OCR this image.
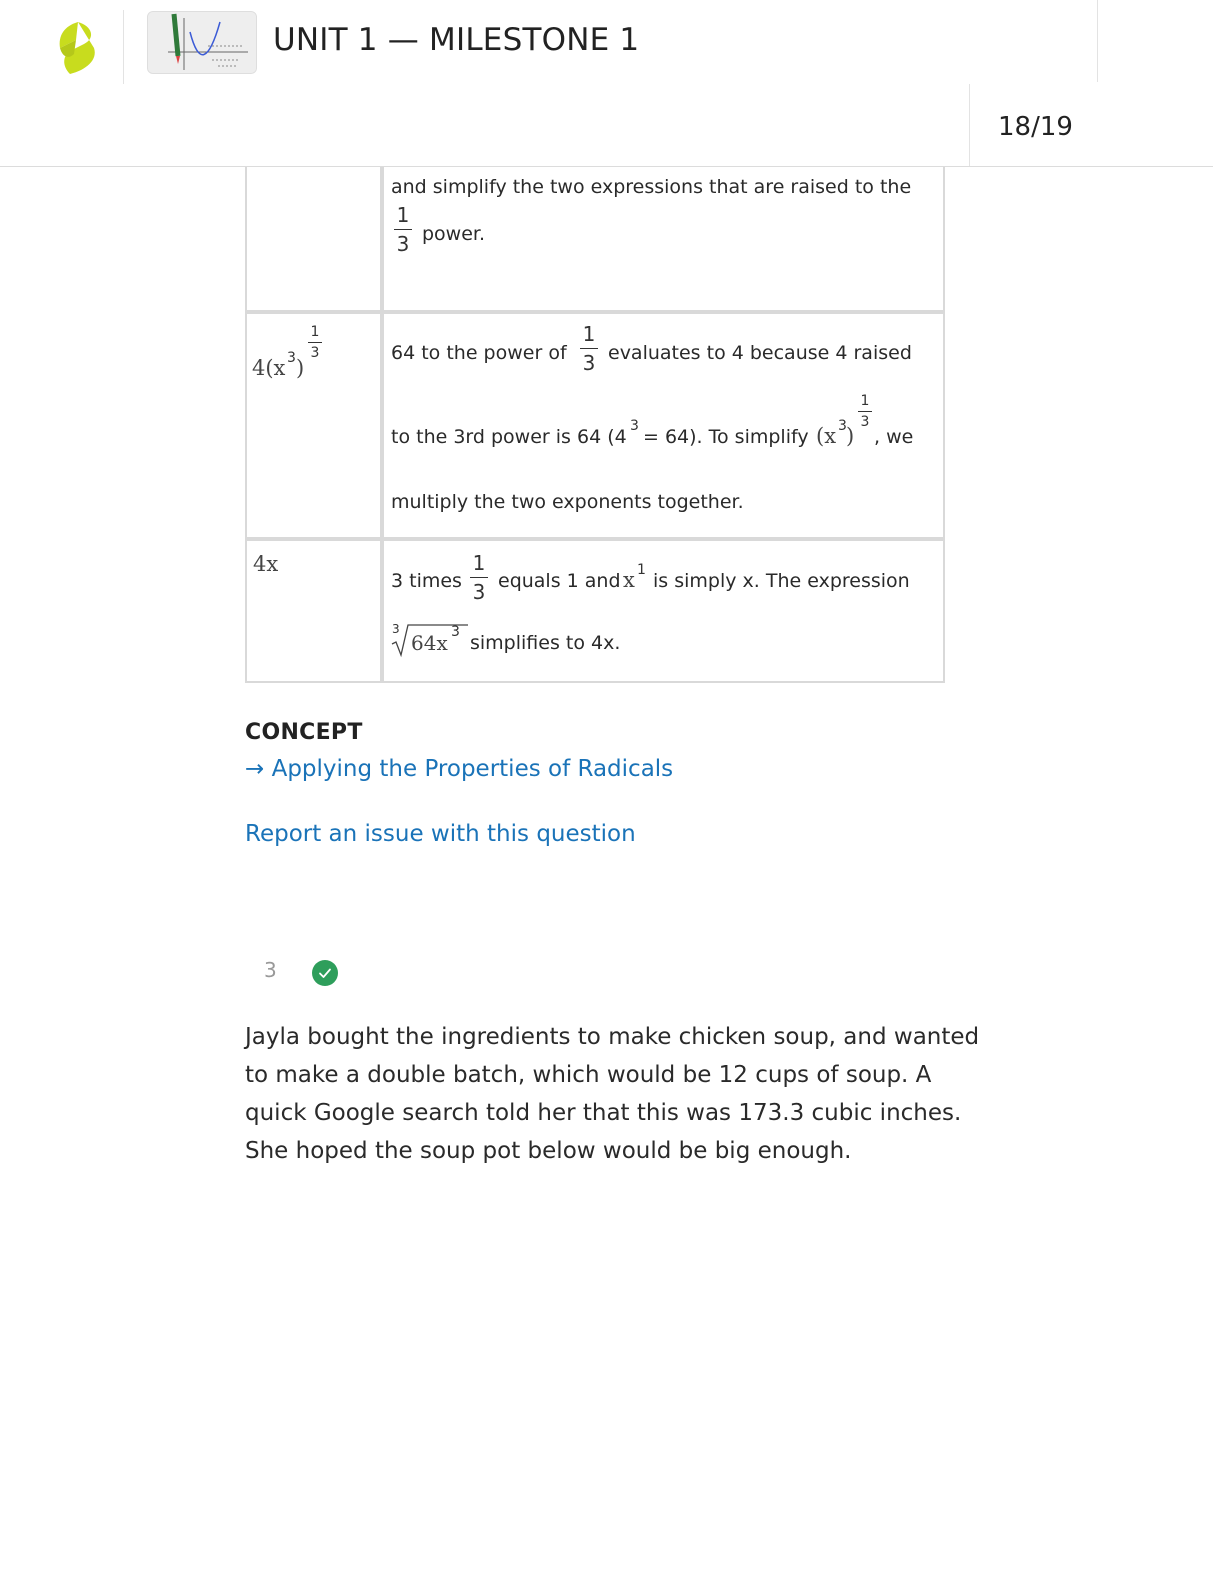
UNIT 1 — MILESTONE 1
18/19
and simplify the two expressions that are raised to the
1
3 power.
4(x 3 )
1
3	64 to the power of
1
3 evaluates to 4 because 4 raised
to the 3rd power is 64 (4 3 = 64). To simplify (x 3 )
1
3
, we
multiply the two exponents together.
4x
3 times
1
3 equals 1 and x 1 is simply x. The expression
3
64x 3 simplifies to 4x.
CONCEPT
→ Applying the Properties of Radicals
Report an issue with this question
3
Jayla bought the ingredients to make chicken soup, and wanted to make a double batch, which would be 12 cups of soup. A quick Google search told her that this was 173.3 cubic inches. She hoped the soup pot below would be big enough.
